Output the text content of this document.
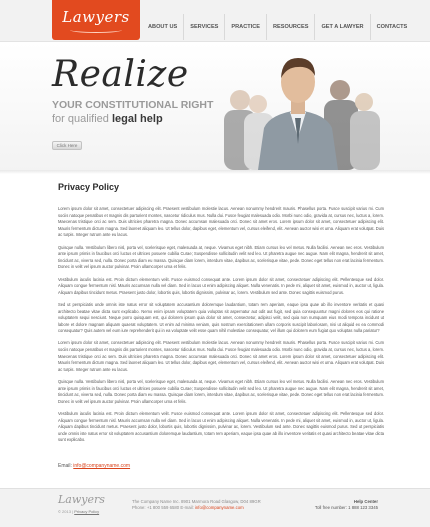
Lawyers
ABOUT US	SERVICES	PRACTICE	RESOURCES	GET A LAWYER	CONTACTS
Realize
YOUR CONSTITUTIONAL RIGHT
for qualified legal help
Click Here
Privacy Policy

Lorem ipsum dolor sit amet, consectetuer adipiscing elit. Praesent vestibulum molestie lacus. Aenean nonummy hendrerit mauris. Phasellus porta. Fusce suscipit varius mi. Cum sociis natoque penatibus et magnis dis parturient montes, nascetur ridiculus mus. Nulla dui. Fusce feugiat malesuada odio. Morbi nunc odio, gravida at, cursus nec, luctus a, lorem. Maecenas tristique orci ac sem. Duis ultricies pharetra magna. Donec accumsan malesuada orci. Donec sit amet eros. Lorem ipsum dolor sit amet, consectetuer adipiscing elit. Mauris fermentum dictum magna. Sed laoreet aliquam leo. Ut tellus dolor, dapibus eget, elementum vel, cursus eleifend, elit. Aenean auctor wisi et urna. Aliquam erat volutpat. Duis ac turpis. Integer rutrum ante eu lacus.

Quisque nulla. Vestibulum libero nisl, porta vel, scelerisque eget, malesuada at, neque. Vivamus eget nibh. Etiam cursus leo vel metus. Nulla facilisi. Aenean nec eros. Vestibulum ante ipsum primis in faucibus orci luctus et ultrices posuere cubilia Curae; Suspendisse sollicitudin velit sed leo. Ut pharetra augue nec augue. Nam elit magna, hendrerit sit amet, tincidunt ac, viverra sed, nulla. Donec porta diam eu massa. Quisque diam lorem, interdum vitae, dapibus ac, scelerisque vitae, pede. Donec eget tellus non erat lacinia fermentum. Donec in velit vel ipsum auctor pulvinar. Proin ullamcorper urna et felis.

Vestibulum iaculis lacinia est. Proin dictum elementum velit. Fusce euismod consequat ante. Lorem ipsum dolor sit amet, consectetuer adipiscing elit. Pellentesque sed dolor. Aliquam congue fermentum nisl. Mauris accumsan nulla vel diam. Sed in lacus ut enim adipiscing aliquet. Nulla venenatis. In pede mi, aliquet sit amet, euismod in, auctor ut, ligula. Aliquam dapibus tincidunt metus. Praesent justo dolor, lobortis quis, lobortis dignissim, pulvinar ac, lorem. Vestibulum sed ante. Donec sagittis euismod purus.

Sed ut perspiciatis unde omnis iste natus error sit voluptatem accusantium doloremque laudantium, totam rem aperiam, eaque ipsa quae ab illo inventore veritatis et quasi architecto beatae vitae dicta sunt explicabo. Nemo enim ipsam voluptatem quia voluptas sit aspernatur aut odit aut fugit, sed quia consequuntur magni dolores eos qui ratione voluptatem sequi nesciunt. Neque porro quisquam est, qui dolorem ipsum quia dolor sit amet, consectetur, adipisci velit, sed quia non numquam eius modi tempora incidunt ut labore et dolore magnam aliquam quaerat voluptatem. Ut enim ad minima veniam, quis nostrum exercitationem ullam corporis suscipit laboriosam, nisi ut aliquid ex ea commodi consequatur? Quis autem vel eum iure reprehenderit qui in ea voluptate velit esse quam nihil molestiae consequatur, vel illum qui dolorem eum fugiat quo voluptas nulla pariatur?

Lorem ipsum dolor sit amet, consectetuer adipiscing elit. Praesent vestibulum molestie lacus. Aenean nonummy hendrerit mauris. Phasellus porta. Fusce suscipit varius mi. Cum sociis natoque penatibus et magnis dis parturient montes, nascetur ridiculus mus. Nulla dui. Fusce feugiat malesuada odio. Morbi nunc odio, gravida at, cursus nec, luctus a, lorem. Maecenas tristique orci ac sem. Duis ultricies pharetra magna. Donec accumsan malesuada orci. Donec sit amet eros. Lorem ipsum dolor sit amet, consectetuer adipiscing elit. Mauris fermentum dictum magna. Sed laoreet aliquam leo. Ut tellus dolor, dapibus eget, elementum vel, cursus eleifend, elit. Aenean auctor wisi et urna. Aliquam erat volutpat. Duis ac turpis. Integer rutrum ante eu lacus.

Quisque nulla. Vestibulum libero nisl, porta vel, scelerisque eget, malesuada at, neque. Vivamus eget nibh. Etiam cursus leo vel metus. Nulla facilisi. Aenean nec eros. Vestibulum ante ipsum primis in faucibus orci luctus et ultrices posuere cubilia Curae; Suspendisse sollicitudin velit sed leo. Ut pharetra augue nec augue. Nam elit magna, hendrerit sit amet, tincidunt ac, viverra sed, nulla. Donec porta diam eu massa. Quisque diam lorem, interdum vitae, dapibus ac, scelerisque vitae, pede. Donec eget tellus non erat lacinia fermentum. Donec in velit vel ipsum auctor pulvinar. Proin ullamcorper urna et felis.

Vestibulum iaculis lacinia est. Proin dictum elementum velit. Fusce euismod consequat ante. Lorem ipsum dolor sit amet, consectetuer adipiscing elit. Pellentesque sed dolor. Aliquam congue fermentum nisl. Mauris accumsan nulla vel diam. Sed in lacus ut enim adipiscing aliquet. Nulla venenatis. In pede mi, aliquet sit amet, euismod in, auctor ut, ligula. Aliquam dapibus tincidunt metus. Praesent justo dolor, lobortis quis, lobortis dignissim, pulvinar ac, lorem. Vestibulum sed ante. Donec sagittis euismod purus. Sed ut perspiciatis unde omnis iste natus error sit voluptatem accusantium doloremque laudantium, totam rem aperiam, eaque ipsa quae ab illo inventore veritatis et quasi architecto beatae vitae dicta sunt explicabo.

Email: info@companyname.com
Lawyers
© 2013 | Privacy Policy
The Company Name Inc. 8901 Marmora Road Glasgow, D04 89GR
Phone: +1 800 559 6580 E-mail: info@companyname.com
Help Center
Toll free number: 1 888 123 3345
